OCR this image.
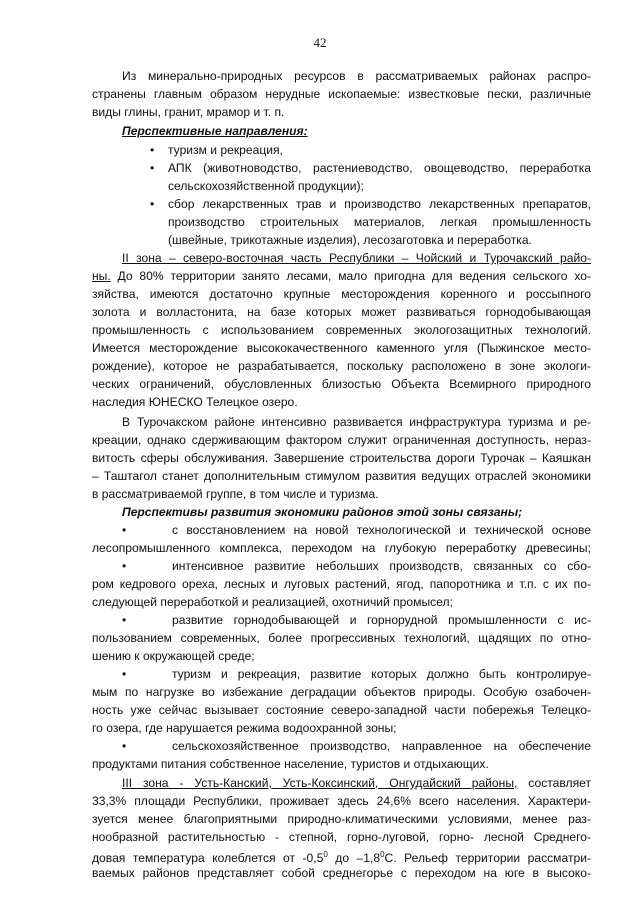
42
Из минерально-природных ресурсов в рассматриваемых районах распро-
странены главным образом нерудные ископаемые: известковые пески, различные
виды глины, гранит, мрамор и т. п.
Перспективные направления:
• туризм и рекреация,
• АПК (животноводство, растениеводство, овощеводство, переработка
сельскохозяйственной продукции);
• сбор лекарственных трав и производство лекарственных препаратов,
производство строительных материалов, легкая промышленность
(швейные, трикотажные изделия), лесозаготовка и переработка.
II зона – северо-восточная часть Республики – Чойский и Турочакский райо-
ны. До 80% территории занято лесами, мало пригодна для ведения сельского хо-
зяйства, имеются достаточно крупные месторождения коренного и россыпного
золота и волластонита, на базе которых может развиваться горнодобывающая
промышленность с использованием современных экологозащитных технологий.
Имеется месторождение высококачественного каменного угля (Пыжинское место-
рождение), которое не разрабатывается, поскольку расположено в зоне экологи-
ческих ограничений, обусловленных близостью Объекта Всемирного природного
наследия ЮНЕСКО Телецкое озеро.
В Турочакском районе интенсивно развивается инфраструктура туризма и ре-
креации, однако сдерживающим фактором служит ограниченная доступность, нераз-
витость сферы обслуживания. Завершение строительства дороги Турочак – Каяшкан
– Таштагол станет дополнительным стимулом развития ведущих отраслей экономики
в рассматриваемой группе, в том числе и туризма.
Перспективы развития экономики районов этой зоны связаны;
•	с восстановлением на новой технологической и технической основе
лесопромышленного комплекса, переходом на глубокую переработку древесины;
•	интенсивное развитие небольших производств, связанных со сбо-
ром кедрового ореха, лесных и луговых растений, ягод, папоротника и т.п. с их по-
следующей переработкой и реализацией, охотничий промысел;
•	развитие горнодобывающей и горнорудной промышленности с ис-
пользованием современных, более прогрессивных технологий, щадящих по отно-
шению к окружающей среде;
•	туризм и рекреация, развитие которых должно быть контролируе-
мым по нагрузке во избежание деградации объектов природы. Особую озабочен-
ность уже сейчас вызывает состояние северо-западной части побережья Телецко-
го озера, где нарушается режима водоохранной зоны;
•	сельскохозяйственное производство, направленное на обеспечение
продуктами питания собственное население, туристов и отдыхающих.
III зона - Усть-Канский, Усть-Коксинский, Онгудайский районы, составляет
33,3% площади Республики, проживает здесь 24,6% всего населения. Характери-
зуется менее благоприятными природно-климатическими условиями, менее раз-
нообразной растительностью - степной, горно-луговой, горно- лесной Среднего-
довая температура колеблется от $-0,5^0$ до $-1,8^0С$. Рельеф территории рассматри-
ваемых районов представляет собой среднегорье с переходом на юге в высоко-
